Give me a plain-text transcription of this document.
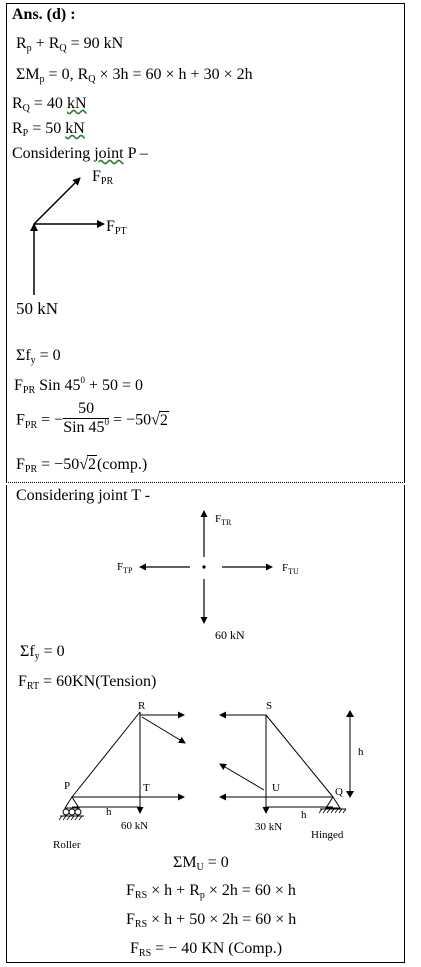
Ans. (d) :
Rp + RQ = 90 kN
ΣMp = 0, RQ × 3h = 60 × h + 30 × 2h
RQ = 40 kN
RP = 50 kN
Considering joint P –
FPR
FPT
50 kN
Σfy = 0
FPR Sin $45^0 + 50 = 0$
FPR = − $\frac{50}{Sin 45^0} = -50√2$
FPR = −50√2(comp.)
Considering joint T -
$F_{TR}$
$F_{TP}$	$F_{TU}$
60 kN
Σfy = 0
FRT = 60KN(Tension)
R	S
P	T	U	Q
h
h	h
60 kN	30 kN
Hinged
Roller
ΣMU = 0
FRS × h + Rp × 2h = 60 × h
FRS × h + 50 × 2h = 60 × h
FRS = − 40 KN (Comp.)
